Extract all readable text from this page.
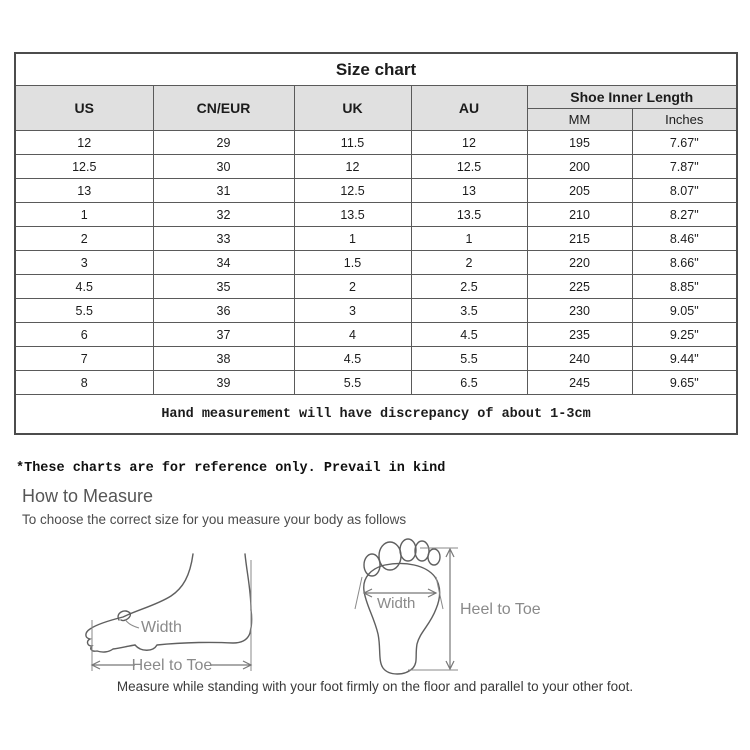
Size chart					
US	CN/EUR	UK	AU	Shoe Inner Length	
				MM	Inches
12	29	11.5	12	195	7.67"
12.5	30	12	12.5	200	7.87"
13	31	12.5	13	205	8.07"
1	32	13.5	13.5	210	8.27"
2	33	1	1	215	8.46"
3	34	1.5	2	220	8.66"
4.5	35	2	2.5	225	8.85"
5.5	36	3	3.5	230	9.05"
6	37	4	4.5	235	9.25"
7	38	4.5	5.5	240	9.44"
8	39	5.5	6.5	245	9.65"
Hand measurement will have discrepancy of about 1-3cm					
*These charts are for reference only. Prevail in kind
How to Measure
To choose the correct size for you measure your body as follows
Width
Heel to Toe
Width	Heel to Toe
Measure while standing with your foot firmly on the floor and parallel to your other foot.
